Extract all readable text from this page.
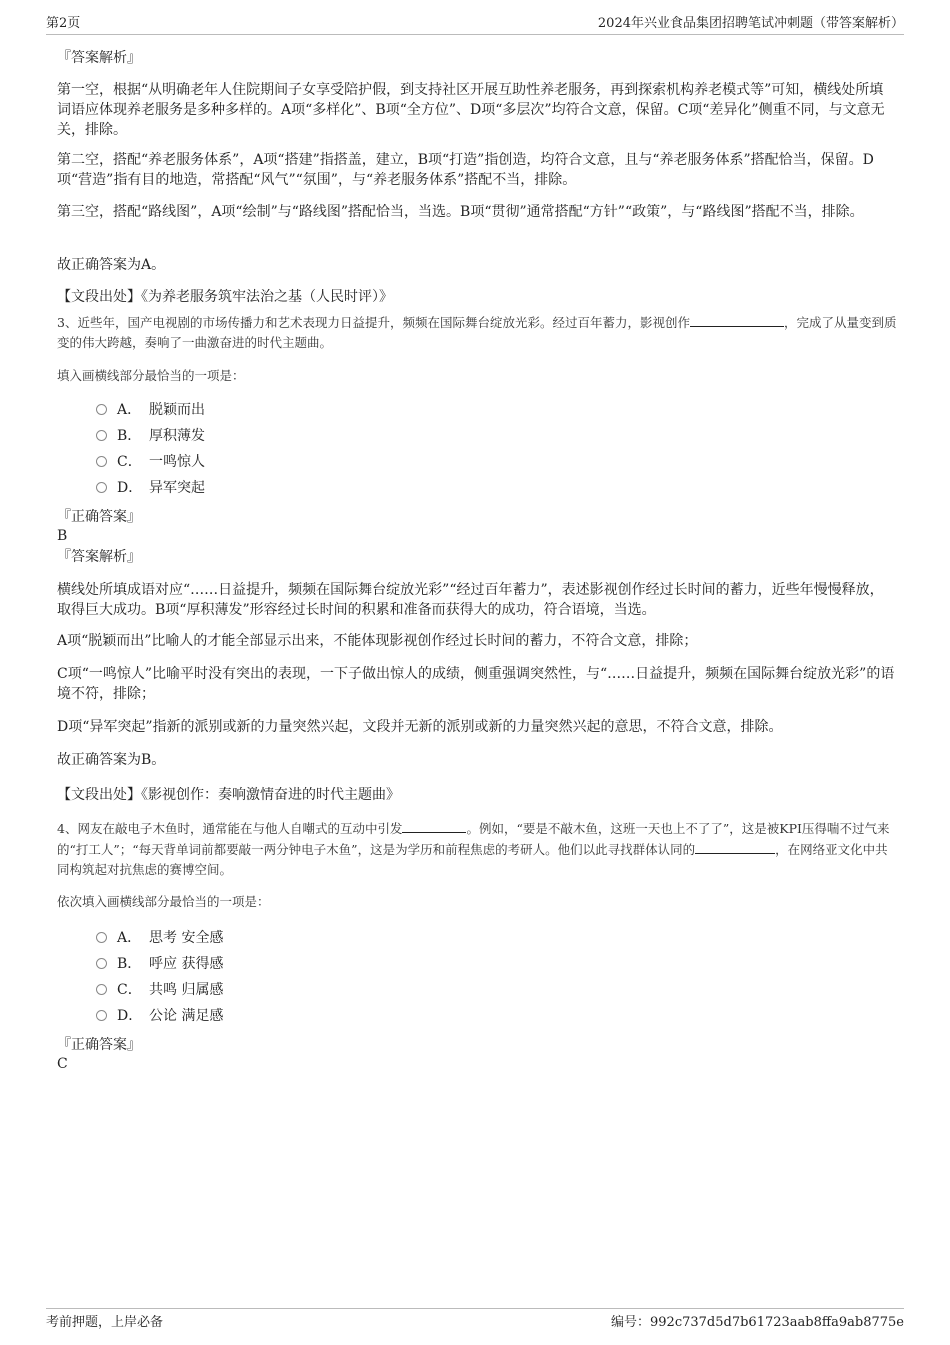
第2页	2024年兴业食品集团招聘笔试冲刺题（带答案解析）
『答案解析』
第一空，根据“从明确老年人住院期间子女享受陪护假，到支持社区开展互助性养老服务，再到探索机构养老模式等”可知，横线处所填词语应体现养老服务是多种多样的。A项“多样化”、B项“全方位”、D项“多层次”均符合文意，保留。C项“差异化”侧重不同，与文意无关，排除。
第二空，搭配“养老服务体系”，A项“搭建”指搭盖，建立，B项“打造”指创造，均符合文意，且与“养老服务体系”搭配恰当，保留。D项“营造”指有目的地造，常搭配“风气”“氛围”，与“养老服务体系”搭配不当，排除。
第三空，搭配“路线图”，A项“绘制”与“路线图”搭配恰当，当选。B项“贯彻”通常搭配“方针”“政策”，与“路线图”搭配不当，排除。
故正确答案为A。
【文段出处】《为养老服务筑牢法治之基（人民时评）》
3、近些年，国产电视剧的市场传播力和艺术表现力日益提升，频频在国际舞台绽放光彩。经过百年蓄力，影视创作	，完成了从量变到质变的伟大跨越，奏响了一曲激奋进的时代主题曲。
填入画横线部分最恰当的一项是：
A． 脱颖而出
B． 厚积薄发
C． 一鸣惊人
D． 异军突起
『正确答案』
B
『答案解析』
横线处所填成语对应“……日益提升，频频在国际舞台绽放光彩”“经过百年蓄力”，表述影视创作经过长时间的蓄力，近些年慢慢释放，取得巨大成功。B项“厚积薄发”形容经过长时间的积累和准备而获得大的成功，符合语境，当选。
A项“脱颖而出”比喻人的才能全部显示出来，不能体现影视创作经过长时间的蓄力，不符合文意，排除；
C项“一鸣惊人”比喻平时没有突出的表现，一下子做出惊人的成绩，侧重强调突然性，与“……日益提升，频频在国际舞台绽放光彩”的语境不符，排除；
D项“异军突起”指新的派别或新的力量突然兴起，文段并无新的派别或新的力量突然兴起的意思，不符合文意，排除。
故正确答案为B。
【文段出处】《影视创作：奏响激情奋进的时代主题曲》
4、网友在敲电子木鱼时，通常能在与他人自嘲式的互动中引发	。例如，“要是不敲木鱼，这班一天也上不了了”，这是被KPI压得喘不过气来的“打工人”；“每天背单词前都要敲一两分钟电子木鱼”，这是为学历和前程焦虑的考研人。他们以此寻找群体认同的	，在网络亚文化中共同构筑起对抗焦虑的赛博空间。
依次填入画横线部分最恰当的一项是：
A． 思考 安全感
B． 呼应 获得感
C． 共鸣 归属感
D． 公论 满足感
『正确答案』
C
考前押题，上岸必备	编号：992c737d5d7b61723aab8ffa9ab8775e
